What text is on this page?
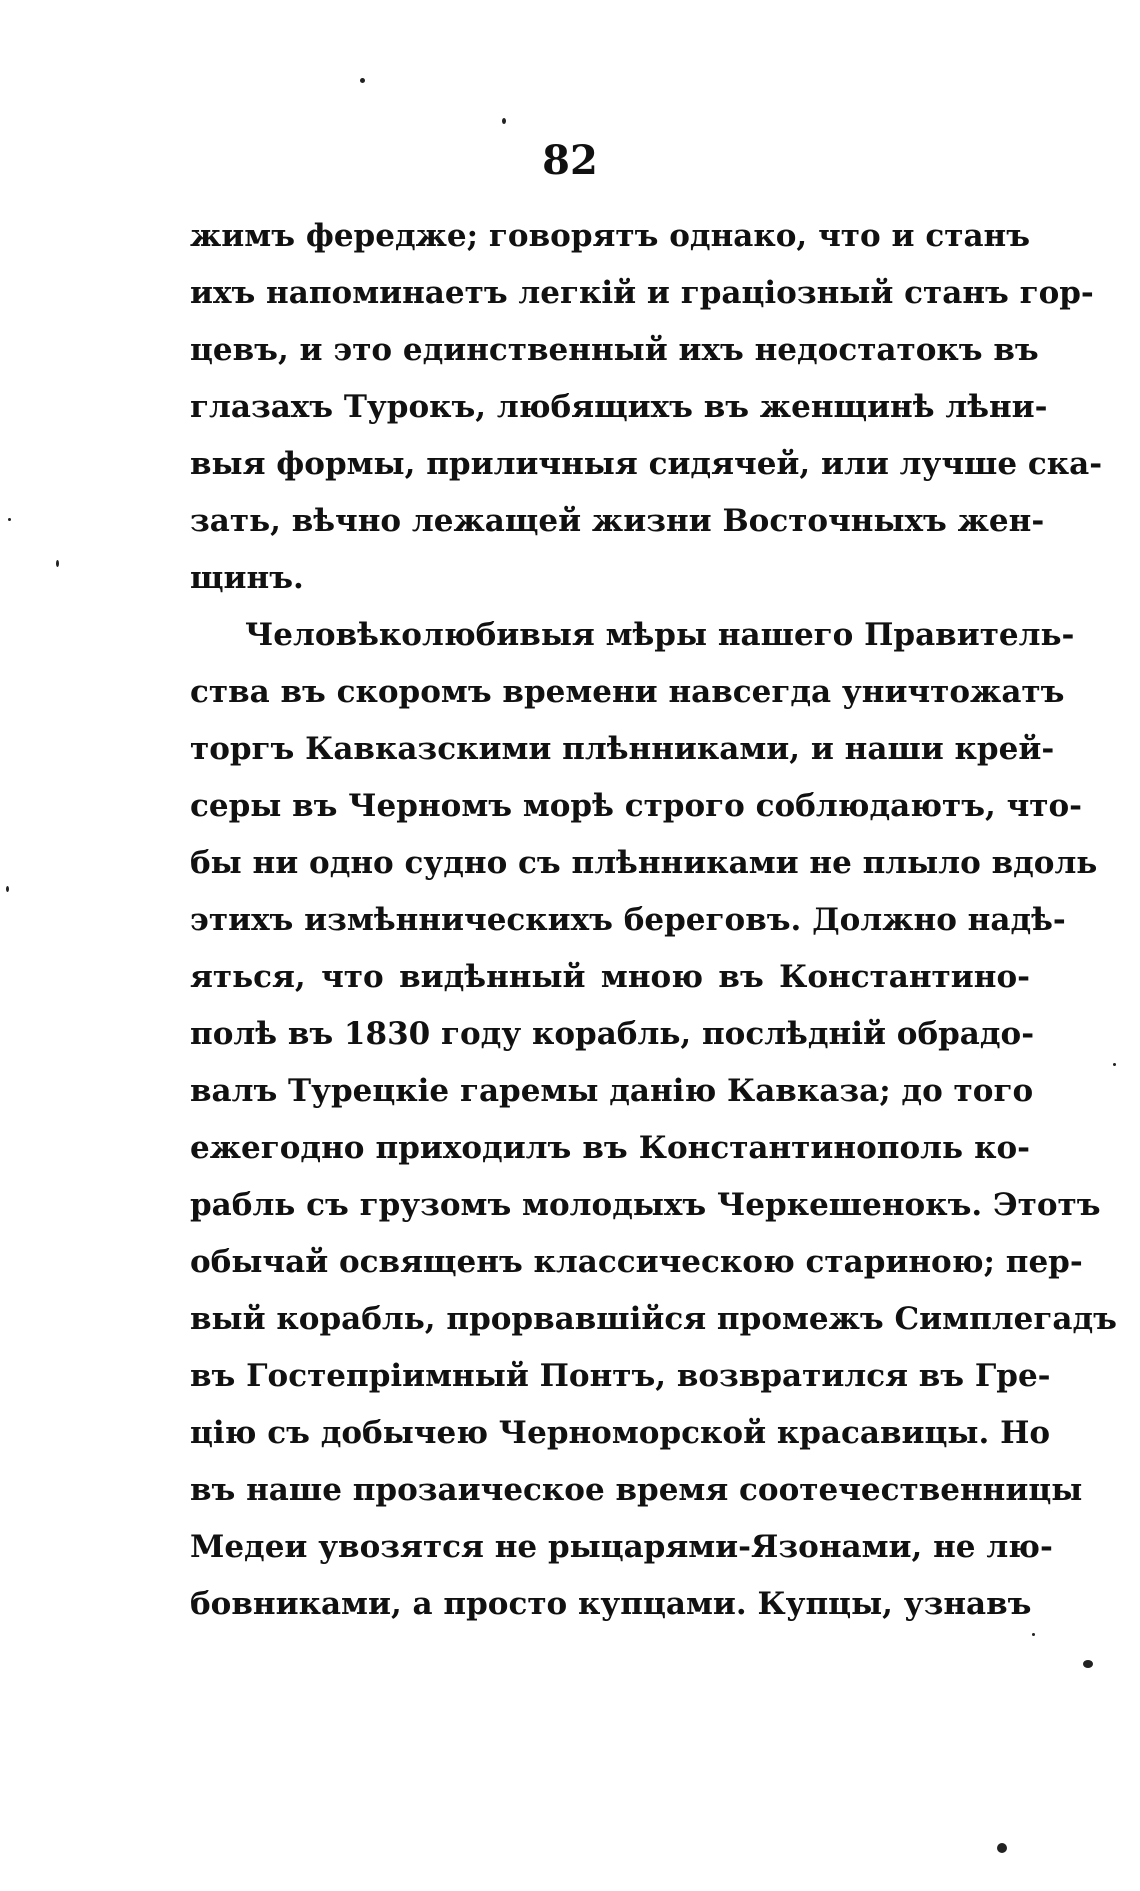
82
жимъ фередже; говорятъ однако, что и станъ
ихъ напоминаетъ легкій и граціозный станъ гор-
цевъ, и это единственный ихъ недостатокъ въ
глазахъ Турокъ, любящихъ въ женщинѣ лѣни-
выя формы, приличныя сидячей, или лучше ска-
зать, вѣчно лежащей жизни Восточныхъ жен-
щинъ.
Человѣколюбивыя мѣры нашего Правитель-
ства въ скоромъ времени навсегда уничтожатъ
торгъ Кавказскими плѣнниками, и наши крей-
серы въ Черномъ морѣ строго соблюдаютъ, что-
бы ни одно судно съ плѣнниками не плыло вдоль
этихъ измѣнническихъ береговъ. Должно надѣ-
яться, что видѣнный мною въ Константино-
полѣ въ 1830 году корабль, послѣдній обрадо-
валъ Турецкіе гаремы данію Кавказа; до того
ежегодно приходилъ въ Константинополь ко-
рабль съ грузомъ молодыхъ Черкешенокъ. Этотъ
обычай освященъ классическою стариною; пер-
вый корабль, прорвавшійся промежъ Симплегадъ
въ Гостепріимный Понтъ, возвратился въ Гре-
цію съ добычею Черноморской красавицы. Но
въ наше прозаическое время соотечественницы
Медеи увозятся не рыцарями-Язонами, не лю-
бовниками, а просто купцами. Купцы, узнавъ
